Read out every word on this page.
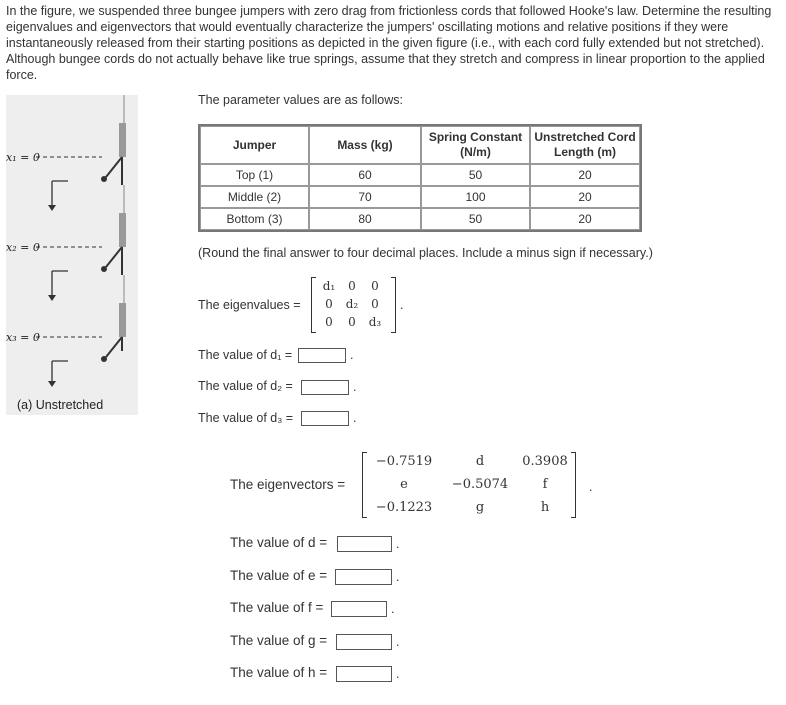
In the figure, we suspended three bungee jumpers with zero drag from frictionless cords that followed Hooke's law. Determine the resulting eigenvalues and eigenvectors that would eventually characterize the jumpers' oscillating motions and relative positions if they were instantaneously released from their starting positions as depicted in the given figure (i.e., with each cord fully extended but not stretched). Although bungee cords do not actually behave like true springs, assume that they stretch and compress in linear proportion to the applied force.

x₁ = 0
x₂ = 0
x₃ = 0
(a) Unstretched
The parameter values are as follows:
Jumper	Mass (kg)	Spring Constant (N/m)	Unstretched Cord Length (m)
Top (1)	60	50	20
Middle (2)	70	100	20
Bottom (3)	80	50	20
(Round the final answer to four decimal places. Include a minus sign if necessary.)
The eigenvalues =
d₁	0	0
0	d₂	0
0	0	d₃
.
The value of d₁ =	.
The value of d₂ =	.
The value of d₃ =	.
The eigenvectors =
−0.7519	d	0.3908
e	−0.5074	f
−0.1223	g	h
.
The value of d =	.
The value of e =	.
The value of f =	.
The value of g =	.
The value of h =	.
